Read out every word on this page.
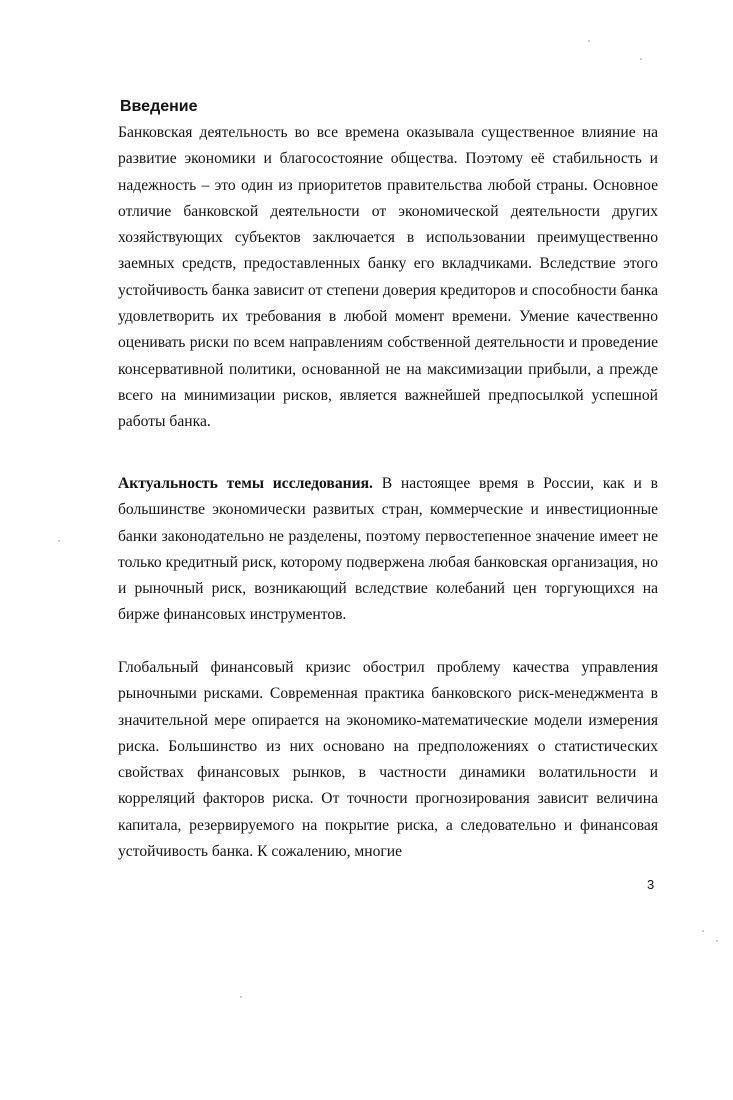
Введение

Банковская деятельность во все времена оказывала существенное влияние на развитие экономики и благосостояние общества. Поэтому её стабильность и надежность – это один из приоритетов правительства любой страны. Основное отличие банковской деятельности от экономической деятельности других хозяйствующих субъектов заключается в использовании преимущественно заемных средств, предоставленных банку его вкладчиками. Вследствие этого устойчивость банка зависит от степени доверия кредиторов и способности банка удовлетворить их требования в любой момент времени. Умение качественно оценивать риски по всем направлениям собственной деятельности и проведение консервативной политики, основанной не на максимизации прибыли, а прежде всего на минимизации рисков, является важнейшей предпосылкой успешной работы банка.

Актуальность темы исследования. В настоящее время в России, как и в большинстве экономически развитых стран, коммерческие и инвестиционные банки законодательно не разделены, поэтому первостепенное значение имеет не только кредитный риск, которому подвержена любая банковская организация, но и рыночный риск, возникающий вследствие колебаний цен торгующихся на бирже финансовых инструментов.

Глобальный финансовый кризис обострил проблему качества управления рыночными рисками. Современная практика банковского риск-менеджмента в значительной мере опирается на экономико-математические модели измерения риска. Большинство из них основано на предположениях о статистических свойствах финансовых рынков, в частности динамики волатильности и корреляций факторов риска. От точности прогнозирования зависит величина капитала, резервируемого на покрытие риска, а следовательно и финансовая устойчивость банка. К сожалению, многие

3
